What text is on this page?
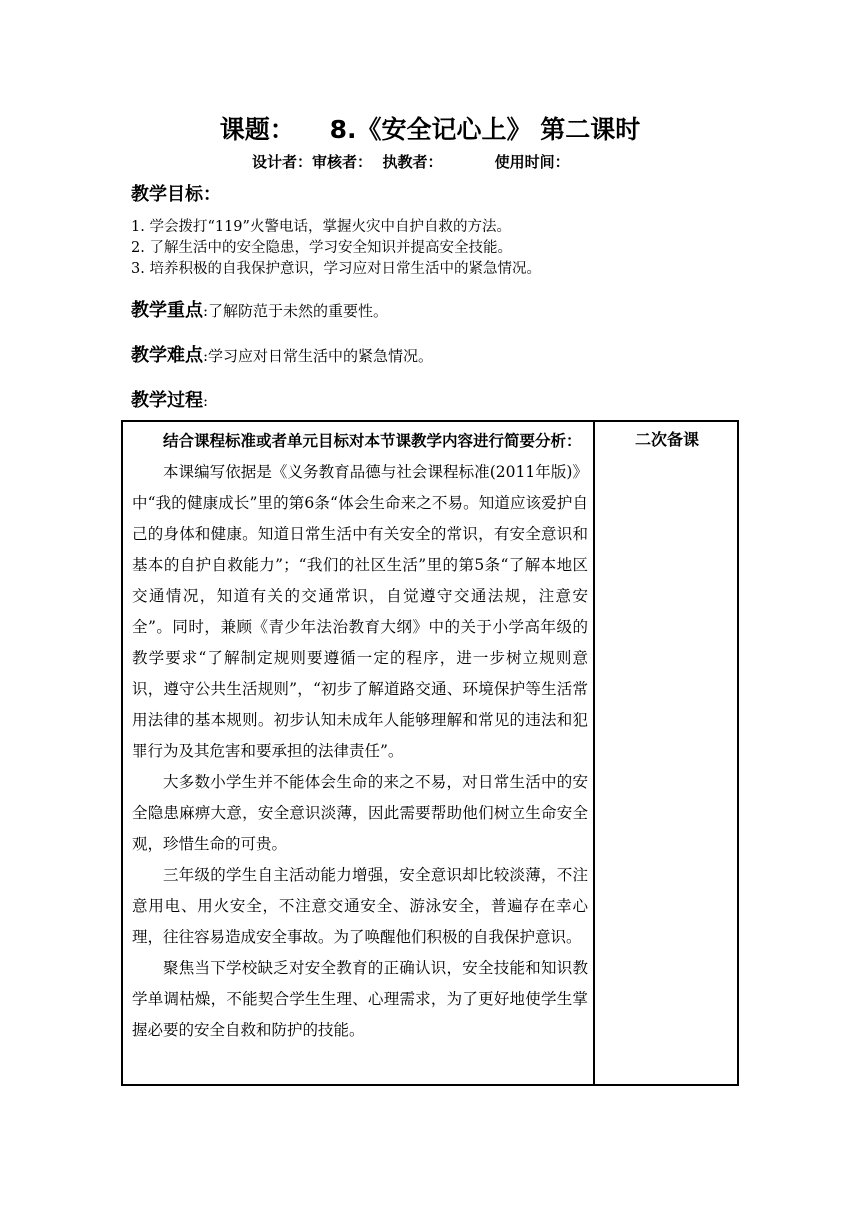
课题：    8.《安全记心上》 第二课时
设计者：审核者：  执教者：          使用时间：
教学目标：
1. 学会拨打“119”火警电话，掌握火灾中自护自救的方法。
2. 了解生活中的安全隐患，学习安全知识并提高安全技能。
3. 培养积极的自我保护意识，学习应对日常生活中的紧急情况。
教学重点:了解防范于未然的重要性。
教学难点:学习应对日常生活中的紧急情况。
教学过程:
二次备课
结合课程标准或者单元目标对本节课教学内容进行简要分析：

本课编写依据是《义务教育品德与社会课程标准(2011年版)》中“我的健康成长”里的第6条“体会生命来之不易。知道应该爱护自己的身体和健康。知道日常生活中有关安全的常识，有安全意识和基本的自护自救能力”；“我们的社区生活”里的第5条“了解本地区交通情况，知道有关的交通常识，自觉遵守交通法规，注意安全”。同时，兼顾《青少年法治教育大纲》中的关于小学高年级的教学要求“了解制定规则要遵循一定的程序，进一步树立规则意识，遵守公共生活规则”，“初步了解道路交通、环境保护等生活常用法律的基本规则。初步认知未成年人能够理解和常见的违法和犯罪行为及其危害和要承担的法律责任”。

大多数小学生并不能体会生命的来之不易，对日常生活中的安全隐患麻痹大意，安全意识淡薄，因此需要帮助他们树立生命安全观，珍惜生命的可贵。

三年级的学生自主活动能力增强，安全意识却比较淡薄，不注意用电、用火安全，不注意交通安全、游泳安全，普遍存在幸心理，往往容易造成安全事故。为了唤醒他们积极的自我保护意识。

聚焦当下学校缺乏对安全教育的正确认识，安全技能和知识教学单调枯燥，不能契合学生生理、心理需求，为了更好地使学生掌握必要的安全自救和防护的技能。
